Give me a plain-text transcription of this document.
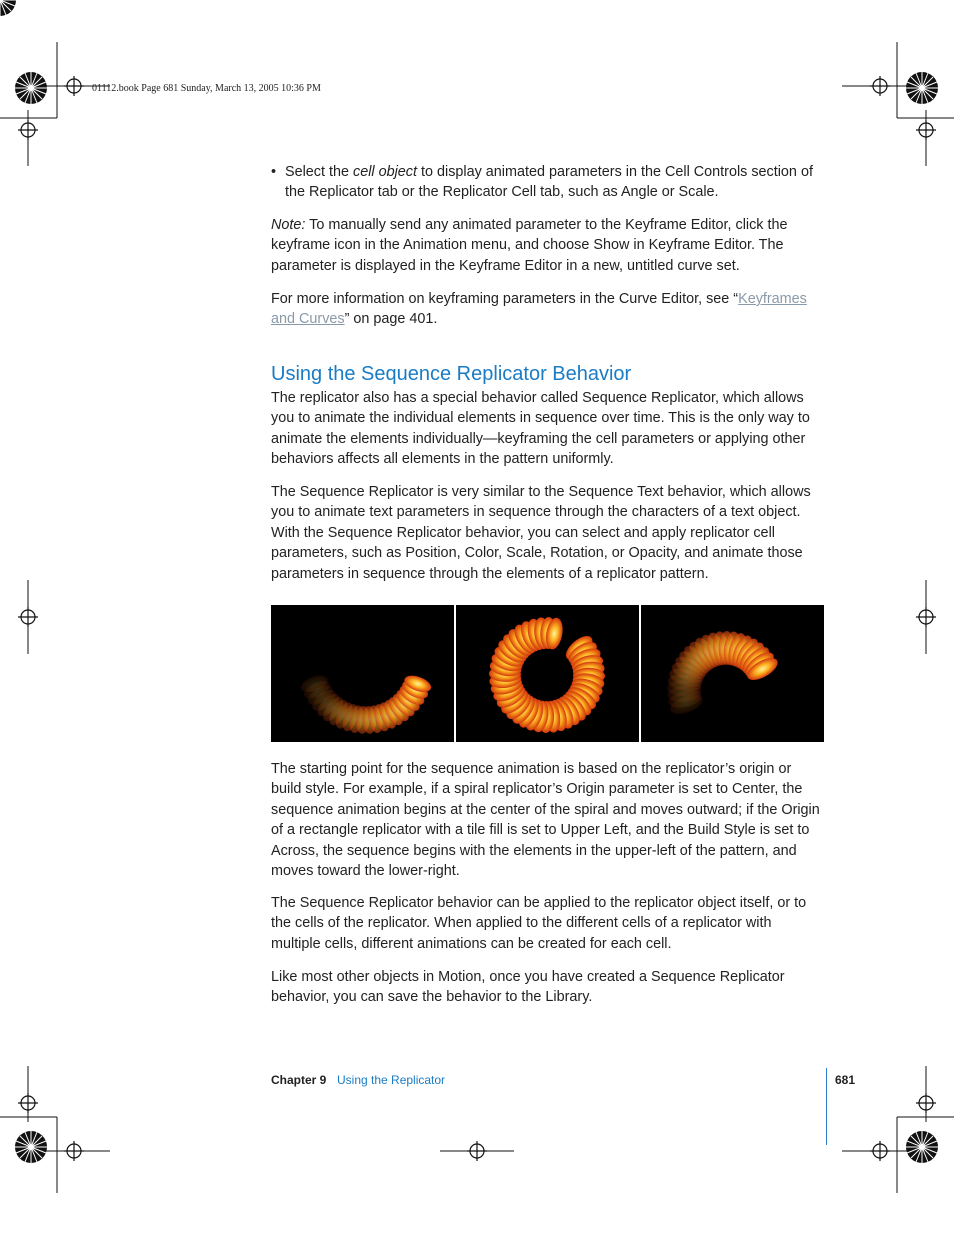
01112.book Page 681 Sunday, March 13, 2005 10:36 PM
• Select the cell object to display animated parameters in the Cell Controls section of the Replicator tab or the Replicator Cell tab, such as Angle or Scale.

Note: To manually send any animated parameter to the Keyframe Editor, click the keyframe icon in the Animation menu, and choose Show in Keyframe Editor. The parameter is displayed in the Keyframe Editor in a new, untitled curve set.

For more information on keyframing parameters in the Curve Editor, see “Keyframes and Curves” on page 401.

Using the Sequence Replicator Behavior
The replicator also has a special behavior called Sequence Replicator, which allows you to animate the individual elements in sequence over time. This is the only way to animate the elements individually—keyframing the cell parameters or applying other behaviors affects all elements in the pattern uniformly.
The Sequence Replicator is very similar to the Sequence Text behavior, which allows you to animate text parameters in sequence through the characters of a text object. With the Sequence Replicator behavior, you can select and apply replicator cell parameters, such as Position, Color, Scale, Rotation, or Opacity, and animate those parameters in sequence through the elements of a replicator pattern.
The starting point for the sequence animation is based on the replicator’s origin or build style. For example, if a spiral replicator’s Origin parameter is set to Center, the sequence animation begins at the center of the spiral and moves outward; if the Origin of a rectangle replicator with a tile fill is set to Upper Left, and the Build Style is set to Across, the sequence begins with the elements in the upper-left of the pattern, and moves toward the lower-right.
The Sequence Replicator behavior can be applied to the replicator object itself, or to the cells of the replicator. When applied to the different cells of a replicator with multiple cells, different animations can be created for each cell.
Like most other objects in Motion, once you have created a Sequence Replicator behavior, you can save the behavior to the Library.
Chapter 9 Using the Replicator	681
